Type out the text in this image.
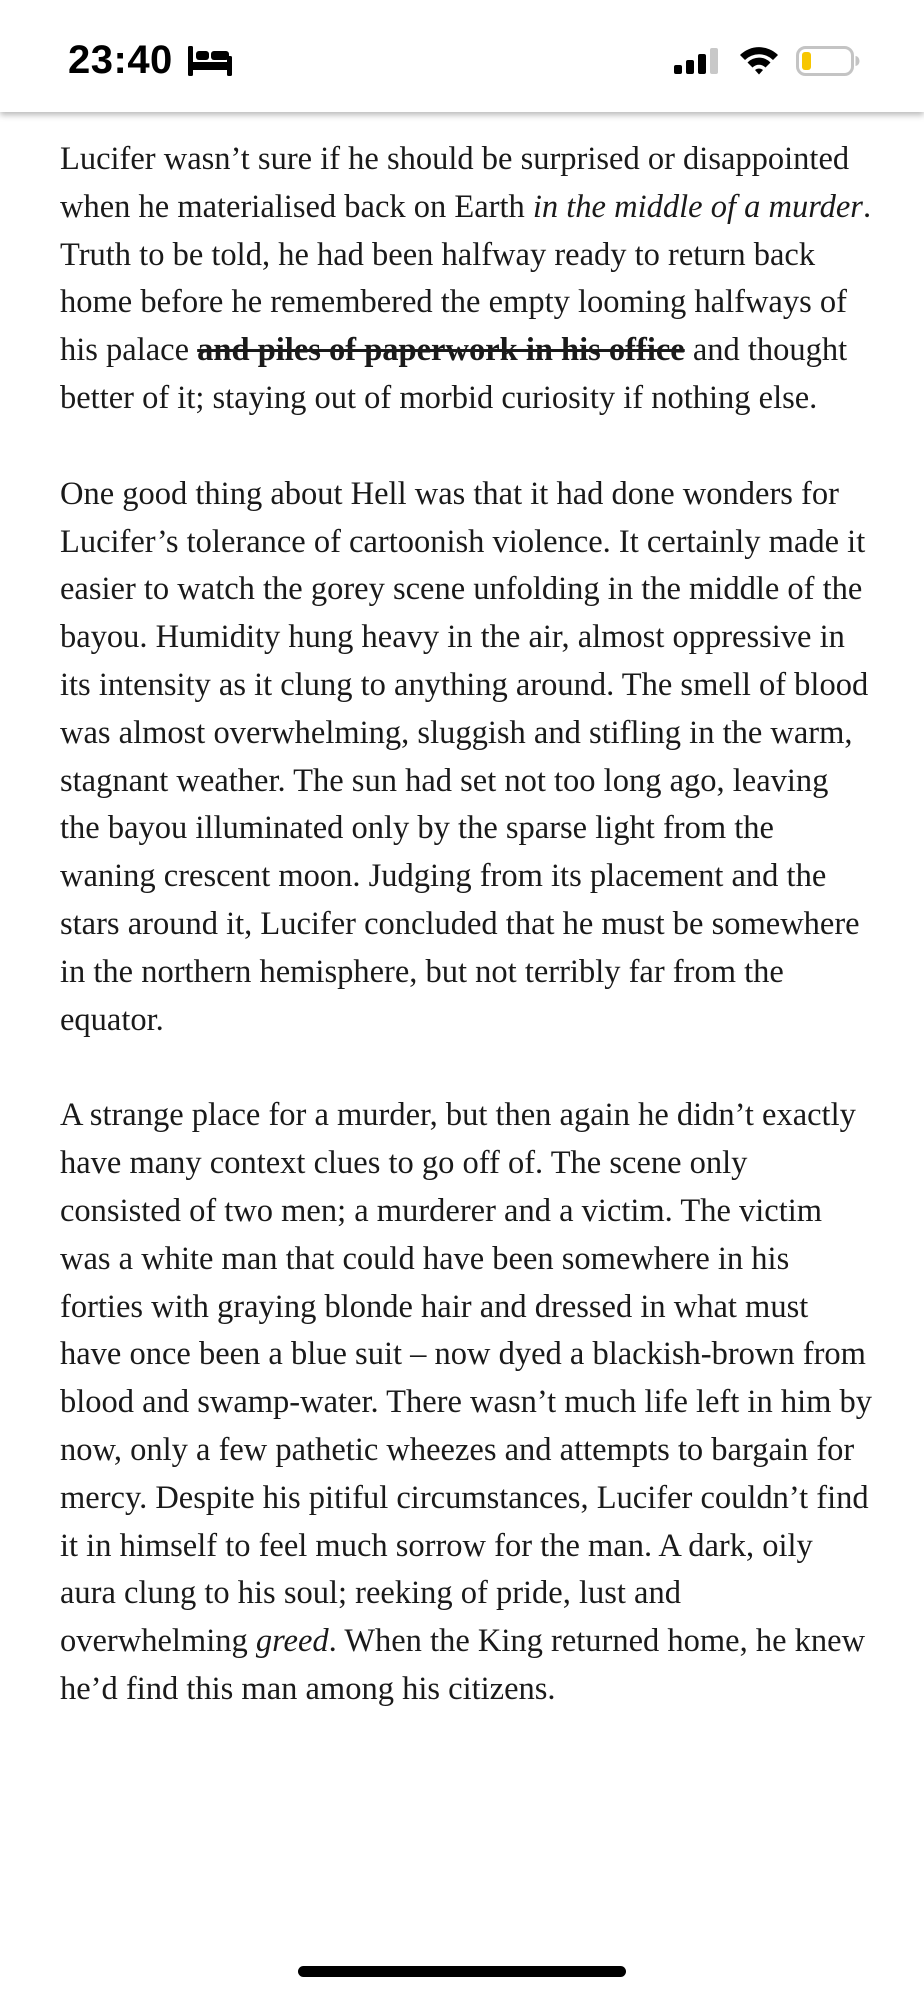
23:40

Lucifer wasn’t sure if he should be surprised or disappointed when he materialised back on Earth in the middle of a murder. Truth to be told, he had been halfway ready to return back home before he remembered the empty looming halfways of his palace and piles of paperwork in his office and thought better of it; staying out of morbid curiosity if nothing else.

One good thing about Hell was that it had done wonders for Lucifer’s tolerance of cartoonish violence. It certainly made it easier to watch the gorey scene unfolding in the middle of the bayou. Humidity hung heavy in the air, almost oppressive in its intensity as it clung to anything around. The smell of blood was almost overwhelming, sluggish and stifling in the warm, stagnant weather. The sun had set not too long ago, leaving the bayou illuminated only by the sparse light from the waning crescent moon. Judging from its placement and the stars around it, Lucifer concluded that he must be somewhere in the northern hemisphere, but not terribly far from the equator.

A strange place for a murder, but then again he didn’t exactly have many context clues to go off of. The scene only consisted of two men; a murderer and a victim. The victim was a white man that could have been somewhere in his forties with graying blonde hair and dressed in what must have once been a blue suit – now dyed a blackish-brown from blood and swamp-water. There wasn’t much life left in him by now, only a few pathetic wheezes and attempts to bargain for mercy. Despite his pitiful circumstances, Lucifer couldn’t find it in himself to feel much sorrow for the man. A dark, oily aura clung to his soul; reeking of pride, lust and overwhelming greed. When the King returned home, he knew he’d find this man among his citizens.
